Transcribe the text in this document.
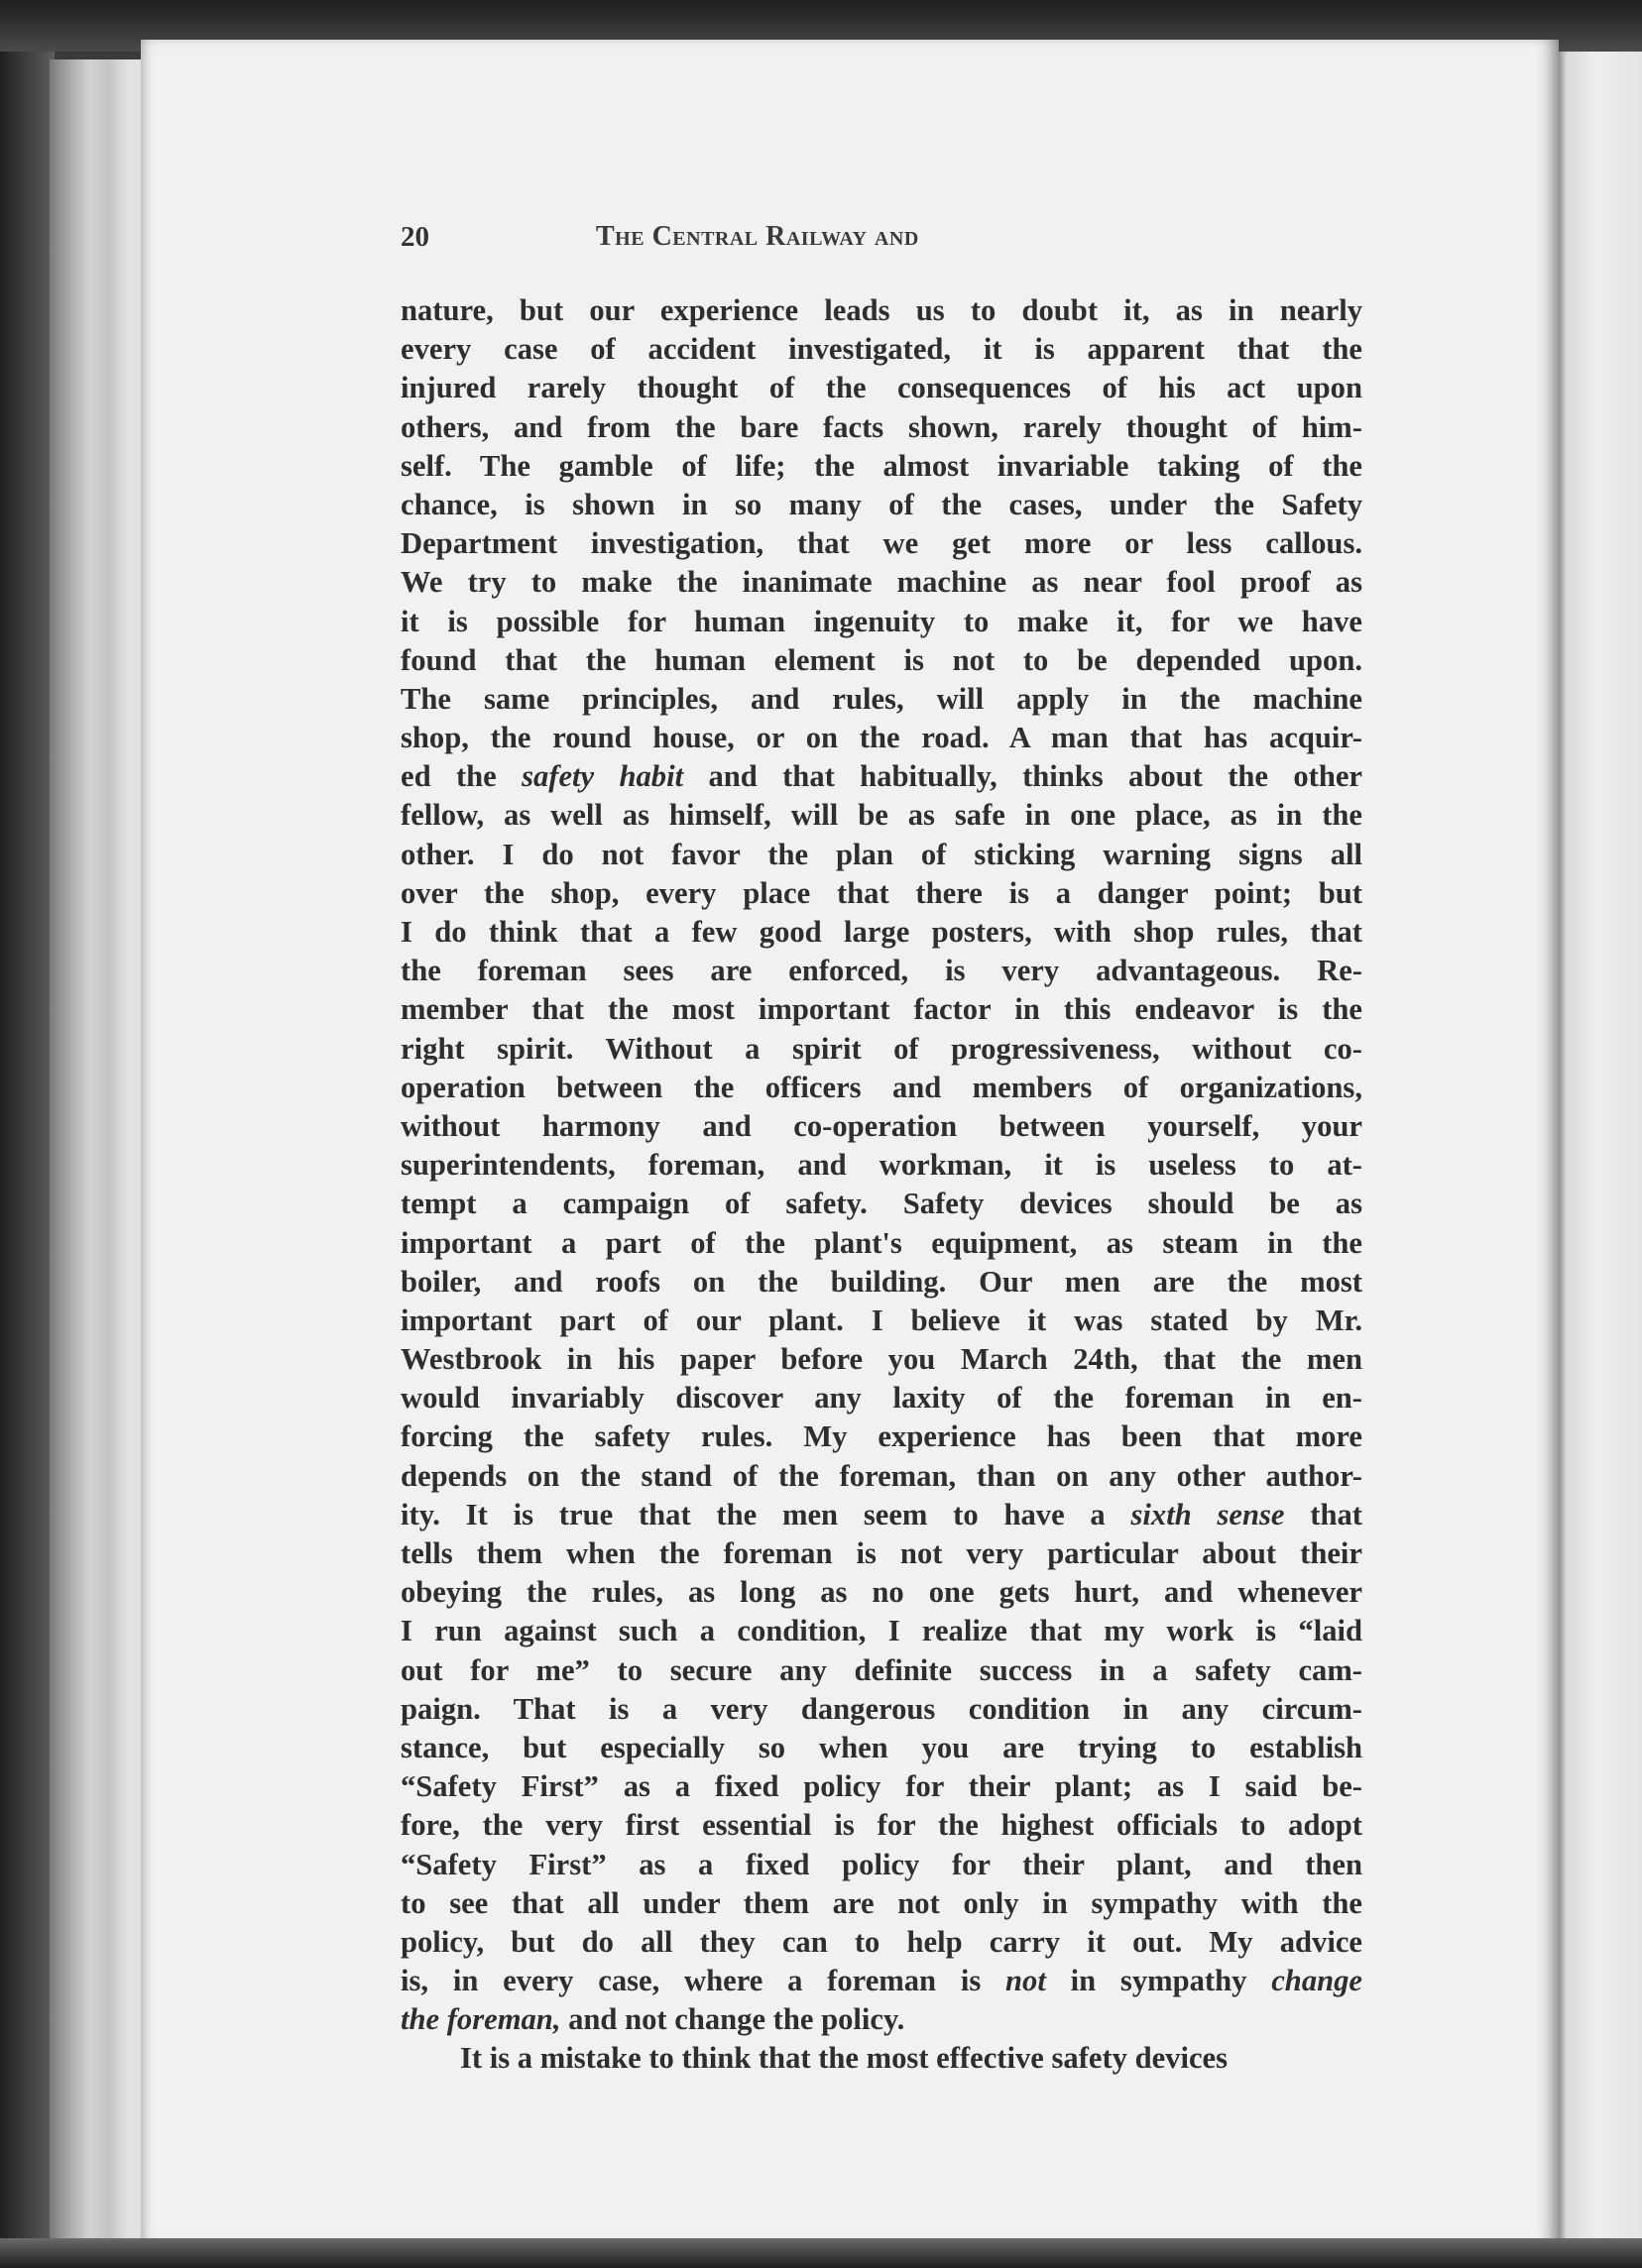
20	The Central Railway and
nature, but our experience leads us to doubt it, as in nearly
every case of accident investigated, it is apparent that the
injured rarely thought of the consequences of his act upon
others, and from the bare facts shown, rarely thought of him-
self. The gamble of life; the almost invariable taking of the
chance, is shown in so many of the cases, under the Safety
Department investigation, that we get more or less callous.
We try to make the inanimate machine as near fool proof as
it is possible for human ingenuity to make it, for we have
found that the human element is not to be depended upon.
The same principles, and rules, will apply in the machine
shop, the round house, or on the road. A man that has acquir-
ed the safety habit and that habitually, thinks about the other
fellow, as well as himself, will be as safe in one place, as in the
other. I do not favor the plan of sticking warning signs all
over the shop, every place that there is a danger point; but
I do think that a few good large posters, with shop rules, that
the foreman sees are enforced, is very advantageous. Re-
member that the most important factor in this endeavor is the
right spirit. Without a spirit of progressiveness, without co-
operation between the officers and members of organizations,
without harmony and co-operation between yourself, your
superintendents, foreman, and workman, it is useless to at-
tempt a campaign of safety. Safety devices should be as
important a part of the plant's equipment, as steam in the
boiler, and roofs on the building. Our men are the most
important part of our plant. I believe it was stated by Mr.
Westbrook in his paper before you March 24th, that the men
would invariably discover any laxity of the foreman in en-
forcing the safety rules. My experience has been that more
depends on the stand of the foreman, than on any other author-
ity. It is true that the men seem to have a sixth sense that
tells them when the foreman is not very particular about their
obeying the rules, as long as no one gets hurt, and whenever
I run against such a condition, I realize that my work is “laid
out for me” to secure any definite success in a safety cam-
paign. That is a very dangerous condition in any circum-
stance, but especially so when you are trying to establish
“Safety First” as a fixed policy for their plant; as I said be-
fore, the very first essential is for the highest officials to adopt
“Safety First” as a fixed policy for their plant, and then
to see that all under them are not only in sympathy with the
policy, but do all they can to help carry it out. My advice
is, in every case, where a foreman is not in sympathy change
the foreman, and not change the policy.
It is a mistake to think that the most effective safety devices
